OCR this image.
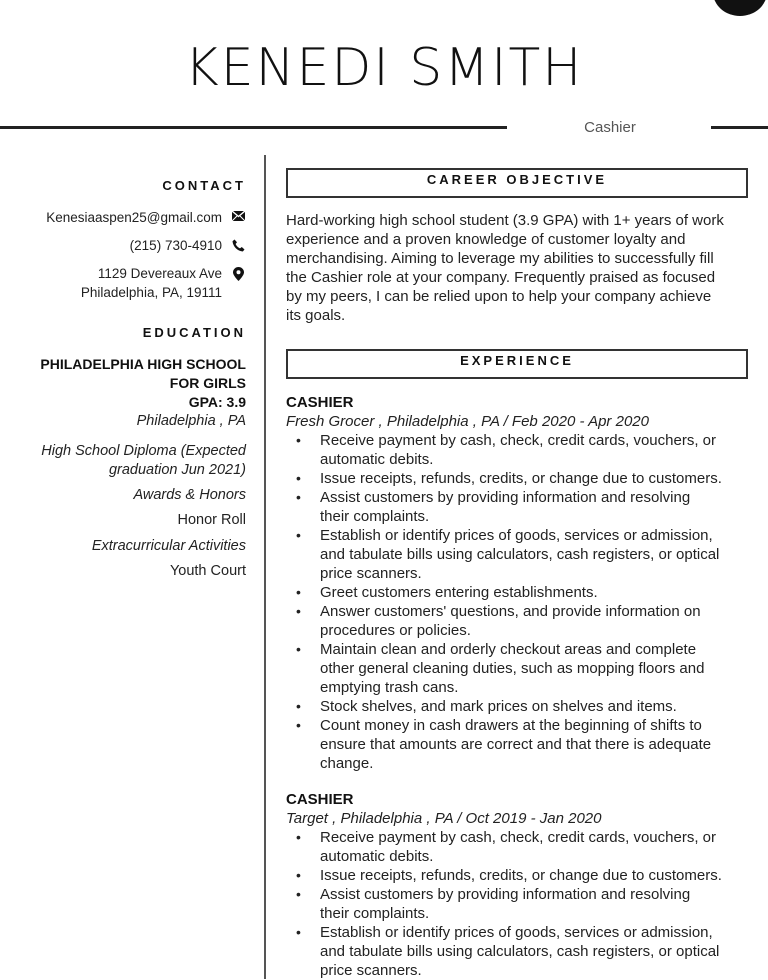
KENEDI SMITH
Cashier
CONTACT
Kenesiaaspen25@gmail.com
(215) 730-4910
1129 Devereaux Ave
Philadelphia, PA, 19111
EDUCATION
PHILADELPHIA HIGH SCHOOL
FOR GIRLS
GPA: 3.9
Philadelphia , PA
High School Diploma (Expected
graduation Jun 2021)
Awards & Honors
Honor Roll
Extracurricular Activities
Youth Court
CAREER OBJECTIVE
Hard-working high school student (3.9 GPA) with 1+ years of work
experience and a proven knowledge of customer loyalty and
merchandising. Aiming to leverage my abilities to successfully fill
the Cashier role at your company. Frequently praised as focused
by my peers, I can be relied upon to help your company achieve
its goals.

EXPERIENCE
CASHIER
Fresh Grocer , Philadelphia , PA / Feb 2020 - Apr 2020
• Receive payment by cash, check, credit cards, vouchers, or
automatic debits.
• Issue receipts, refunds, credits, or change due to customers.
• Assist customers by providing information and resolving
their complaints.
• Establish or identify prices of goods, services or admission,
and tabulate bills using calculators, cash registers, or optical
price scanners.
• Greet customers entering establishments.
• Answer customers' questions, and provide information on
procedures or policies.
• Maintain clean and orderly checkout areas and complete
other general cleaning duties, such as mopping floors and
emptying trash cans.
• Stock shelves, and mark prices on shelves and items.
• Count money in cash drawers at the beginning of shifts to
ensure that amounts are correct and that there is adequate
change.
CASHIER
Target , Philadelphia , PA / Oct 2019 - Jan 2020
• Receive payment by cash, check, credit cards, vouchers, or
automatic debits.
• Issue receipts, refunds, credits, or change due to customers.
• Assist customers by providing information and resolving
their complaints.
• Establish or identify prices of goods, services or admission,
and tabulate bills using calculators, cash registers, or optical
price scanners.
